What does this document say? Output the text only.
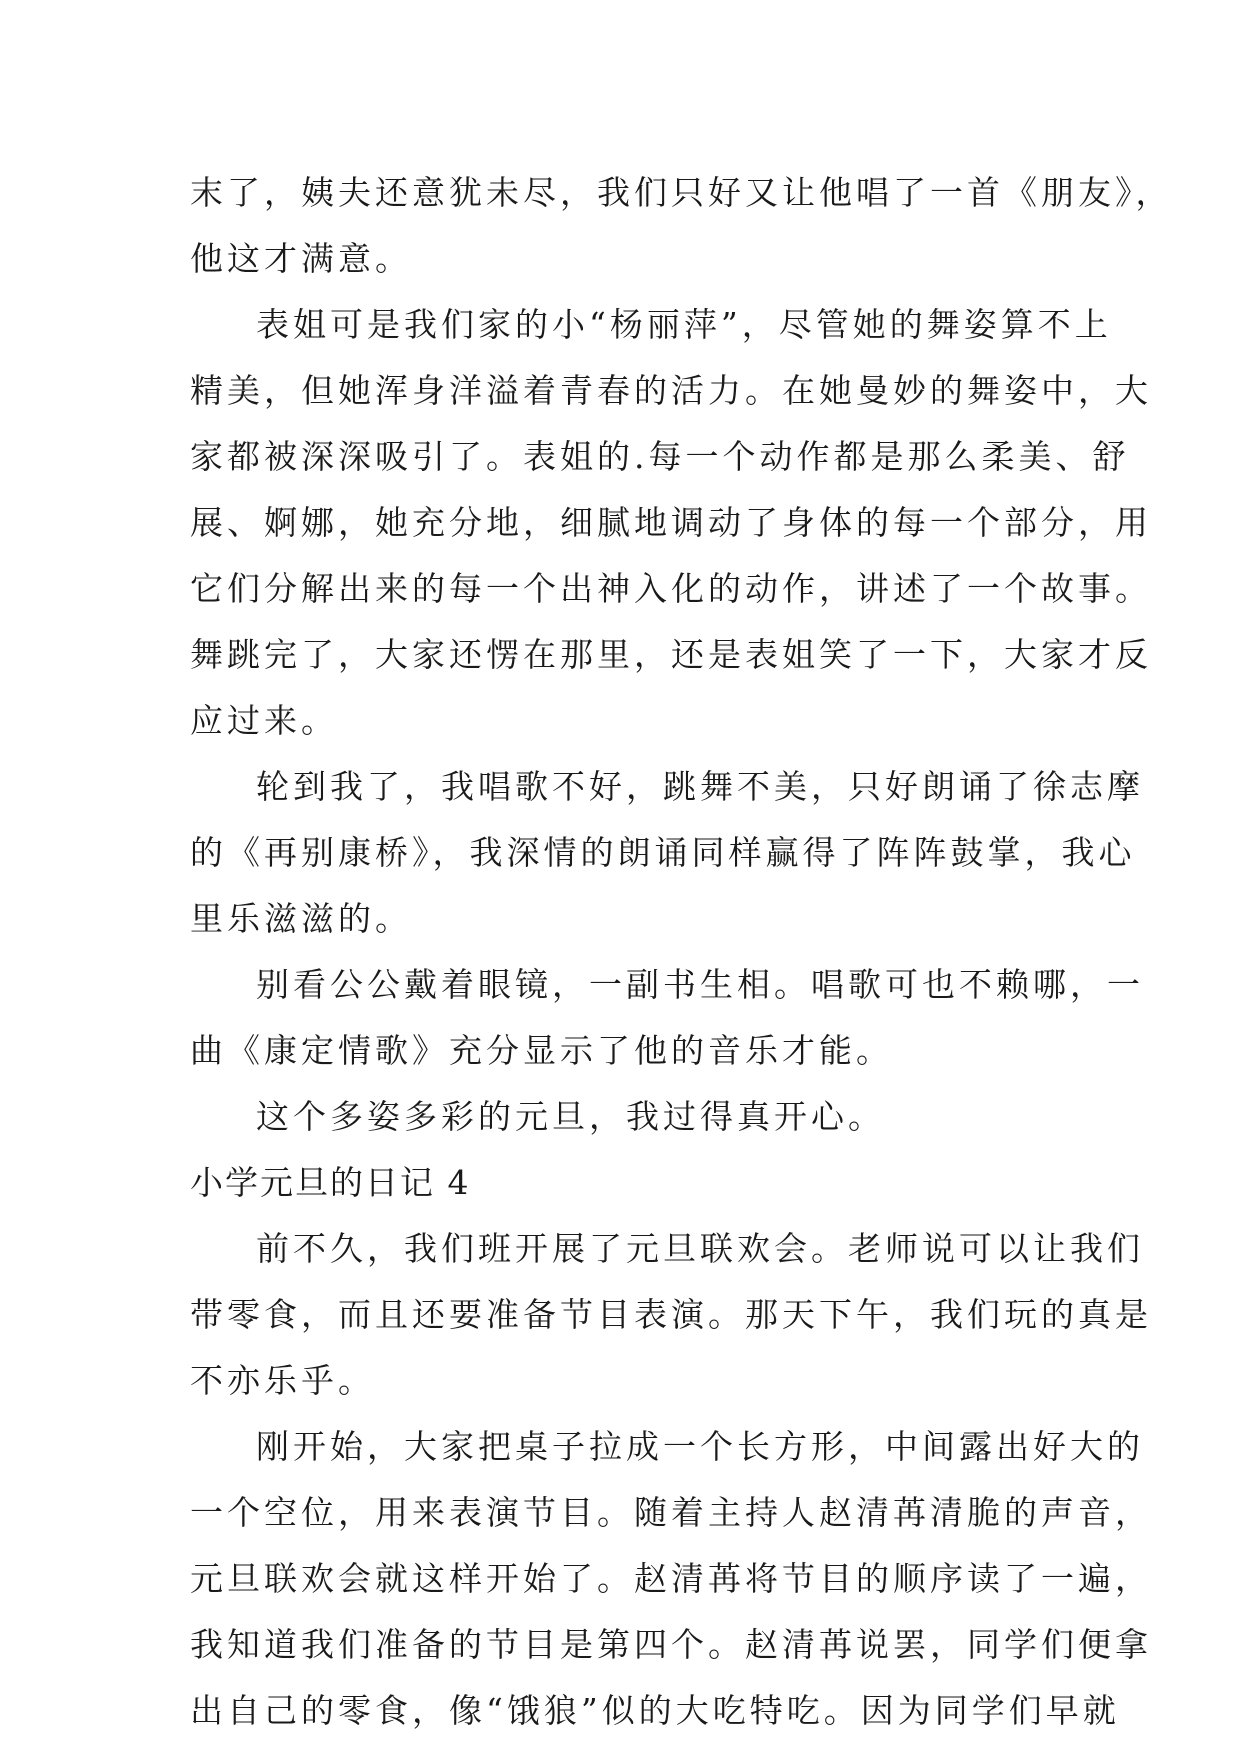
末了，姨夫还意犹未尽，我们只好又让他唱了一首《朋友》，
他这才满意。
表姐可是我们家的小“杨丽萍”，尽管她的舞姿算不上
精美，但她浑身洋溢着青春的活力。在她曼妙的舞姿中，大
家都被深深吸引了。表姐的.每一个动作都是那么柔美、舒
展、婀娜，她充分地，细腻地调动了身体的每一个部分，用
它们分解出来的每一个出神入化的动作，讲述了一个故事。
舞跳完了，大家还愣在那里，还是表姐笑了一下，大家才反
应过来。
轮到我了，我唱歌不好，跳舞不美，只好朗诵了徐志摩
的《再别康桥》，我深情的朗诵同样赢得了阵阵鼓掌，我心
里乐滋滋的。
别看公公戴着眼镜，一副书生相。唱歌可也不赖哪，一
曲《康定情歌》充分显示了他的音乐才能。
这个多姿多彩的元旦，我过得真开心。
小学元旦的日记 4
前不久，我们班开展了元旦联欢会。老师说可以让我们
带零食，而且还要准备节目表演。那天下午，我们玩的真是
不亦乐乎。
刚开始，大家把桌子拉成一个长方形，中间露出好大的
一个空位，用来表演节目。随着主持人赵清苒清脆的声音，
元旦联欢会就这样开始了。赵清苒将节目的顺序读了一遍，
我知道我们准备的节目是第四个。赵清苒说罢，同学们便拿
出自己的零食，像“饿狼”似的大吃特吃。因为同学们早就
